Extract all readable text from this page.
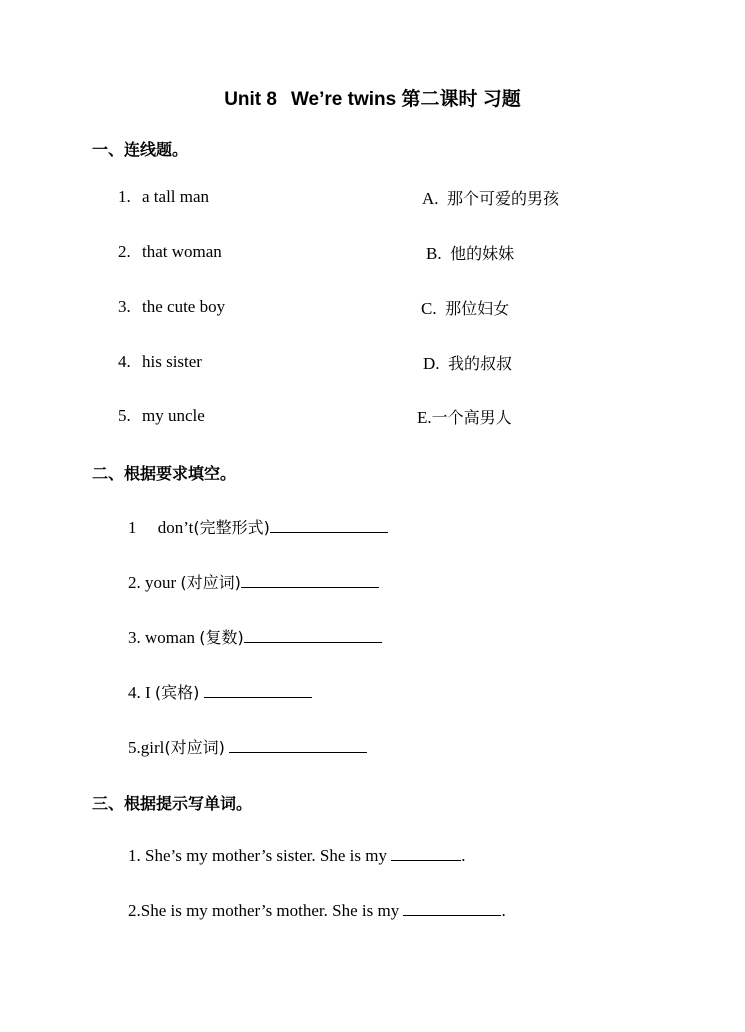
Unit 8 We’re twins 第二课时 习题
一、连线题。
1. a tall man
2. that woman
3. the cute boy
4. his sister
5. my uncle
A. 那个可爱的男孩
B. 他的妹妹
C. 那位妇女
D. 我的叔叔
E.一个高男人
二、根据要求填空。
1 don’t(完整形式)
2. your (对应词)
3. woman (复数)
4. I (宾格)
5.girl(对应词)
三、根据提示写单词。
1. She’s my mother’s sister. She is my	.
2.She is my mother’s mother. She is my	.
